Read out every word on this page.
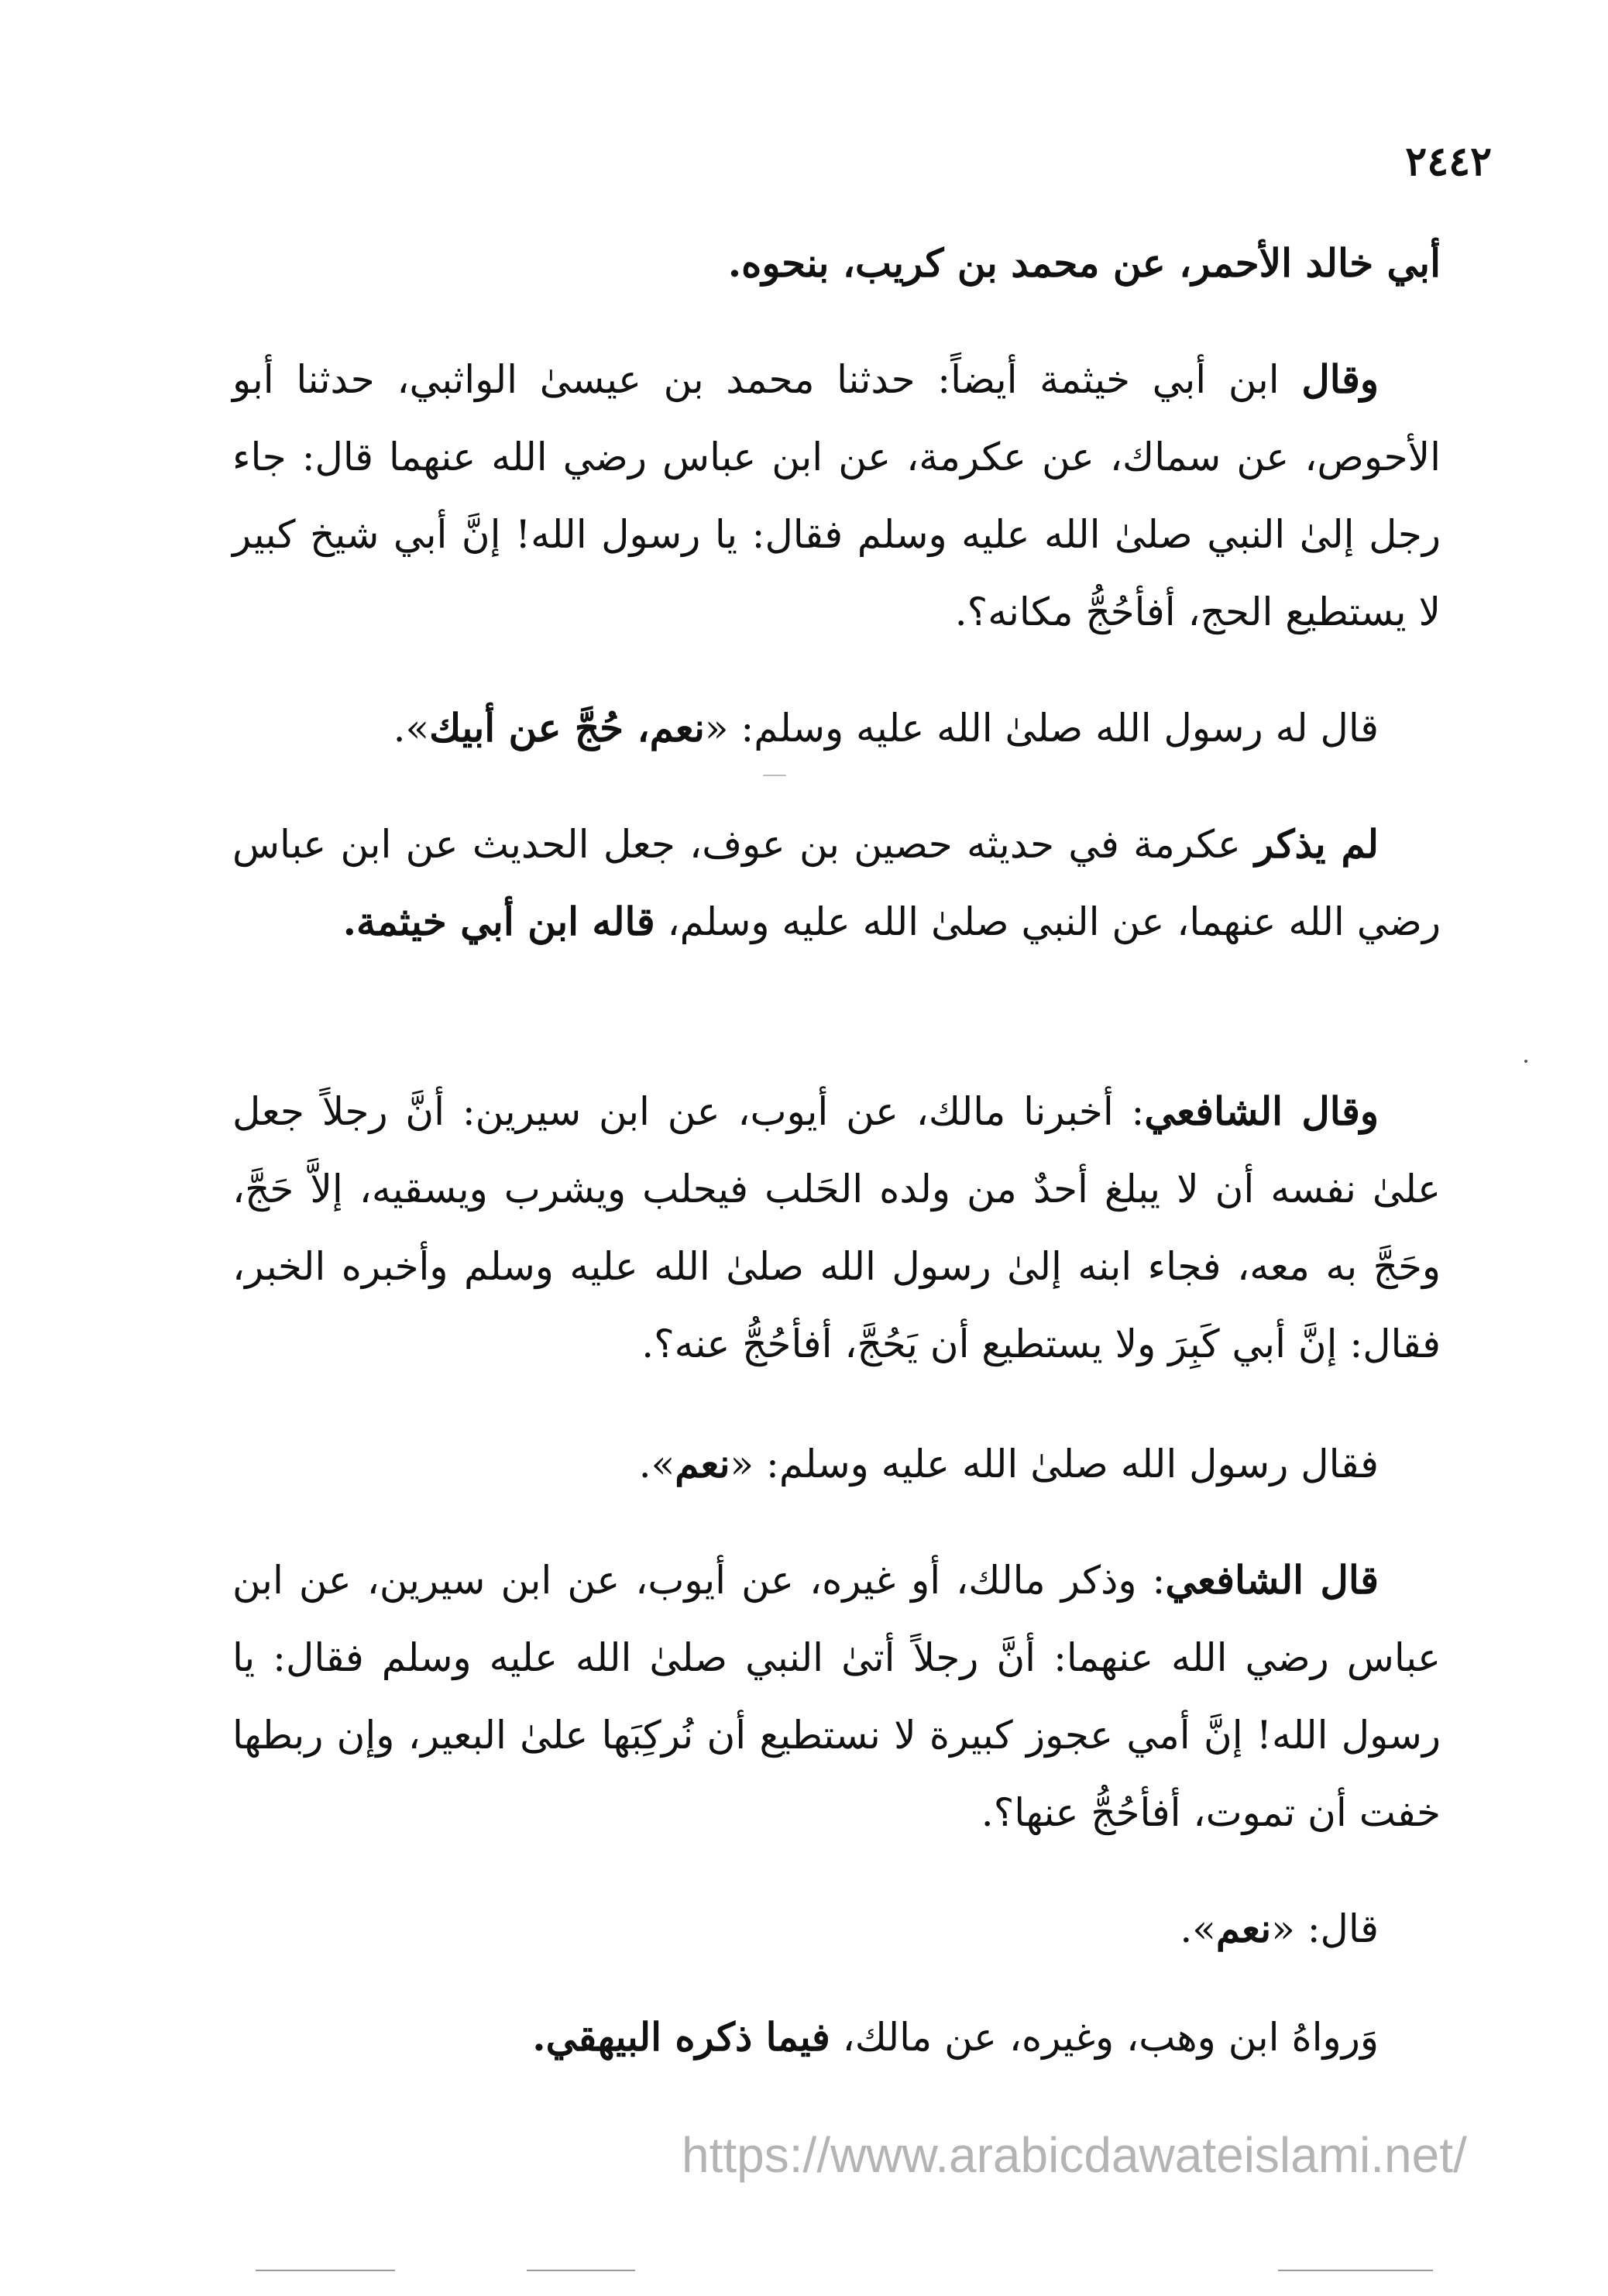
٢٤٤٢

أبي خالد الأحمر، عن محمد بن كريب، بنحوه.

وقال ابن أبي خيثمة أيضاً: حدثنا محمد بن عيسىٰ الواثبي، حدثنا أبو الأحوص، عن سماك، عن عكرمة، عن ابن عباس رضي الله عنهما قال: جاء رجل إلىٰ النبي صلىٰ الله عليه وسلم فقال: يا رسول الله! إنَّ أبي شيخ كبير لا يستطيع الحج، أفأحُجُّ مكانه؟.

قال له رسول الله صلىٰ الله عليه وسلم: «نعم، حُجَّ عن أبيك».

لم يذكر عكرمة في حديثه حصين بن عوف، جعل الحديث عن ابن عباس رضي الله عنهما، عن النبي صلىٰ الله عليه وسلم، قاله ابن أبي خيثمة.

وقال الشافعي: أخبرنا مالك، عن أيوب، عن ابن سيرين: أنَّ رجلاً جعل علىٰ نفسه أن لا يبلغ أحدٌ من ولده الحَلب فيحلب ويشرب ويسقيه، إلاَّ حَجَّ، وحَجَّ به معه، فجاء ابنه إلىٰ رسول الله صلىٰ الله عليه وسلم وأخبره الخبر، فقال: إنَّ أبي كَبِرَ ولا يستطيع أن يَحُجَّ، أفأحُجُّ عنه؟.

فقال رسول الله صلىٰ الله عليه وسلم: «نعم».

قال الشافعي: وذكر مالك، أو غيره، عن أيوب، عن ابن سيرين، عن ابن عباس رضي الله عنهما: أنَّ رجلاً أتىٰ النبي صلىٰ الله عليه وسلم فقال: يا رسول الله! إنَّ أمي عجوز كبيرة لا نستطيع أن نُركِبَها علىٰ البعير، وإن ربطها خفت أن تموت، أفأحُجُّ عنها؟.

قال: «نعم».

وَرواهُ ابن وهب، وغيره، عن مالك، فيما ذكره البيهقي.

https://www.arabicdawateislami.net/
